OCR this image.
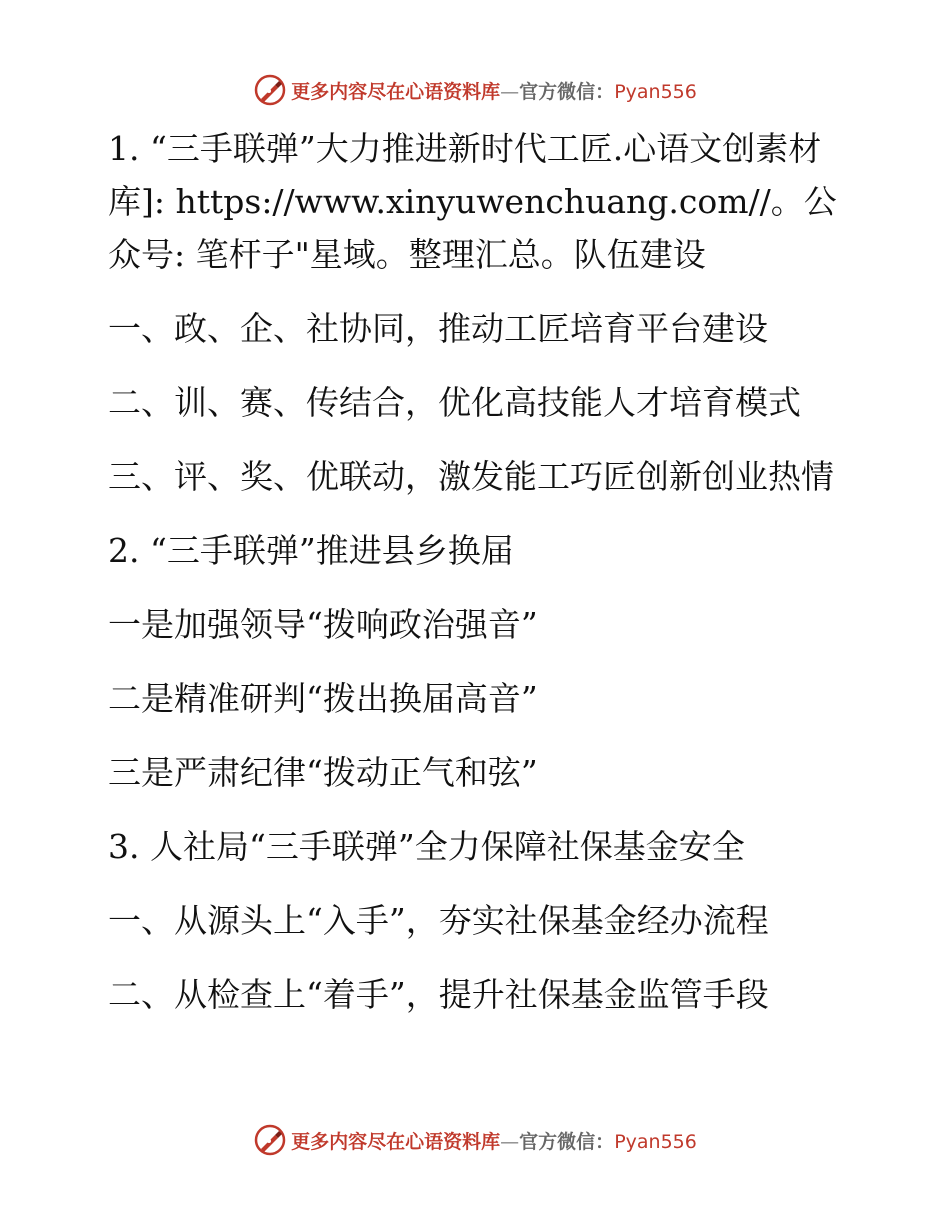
更多内容尽在心语资料库—官方微信：Pyan556

1. “三手联弹”大力推进新时代工匠.心语文创素材库]: https://www.xinyuwenchuang.com//。公众号: 笔杆子"星域。整理汇总。队伍建设

一、政、企、社协同，推动工匠培育平台建设

二、训、赛、传结合，优化高技能人才培育模式

三、评、奖、优联动，激发能工巧匠创新创业热情

2. “三手联弹”推进县乡换届

一是加强领导“拨响政治强音”

二是精准研判“拨出换届高音”

三是严肃纪律“拨动正气和弦”

3. 人社局“三手联弹”全力保障社保基金安全

一、从源头上“入手”，夯实社保基金经办流程

二、从检查上“着手”，提升社保基金监管手段

更多内容尽在心语资料库—官方微信：Pyan556
